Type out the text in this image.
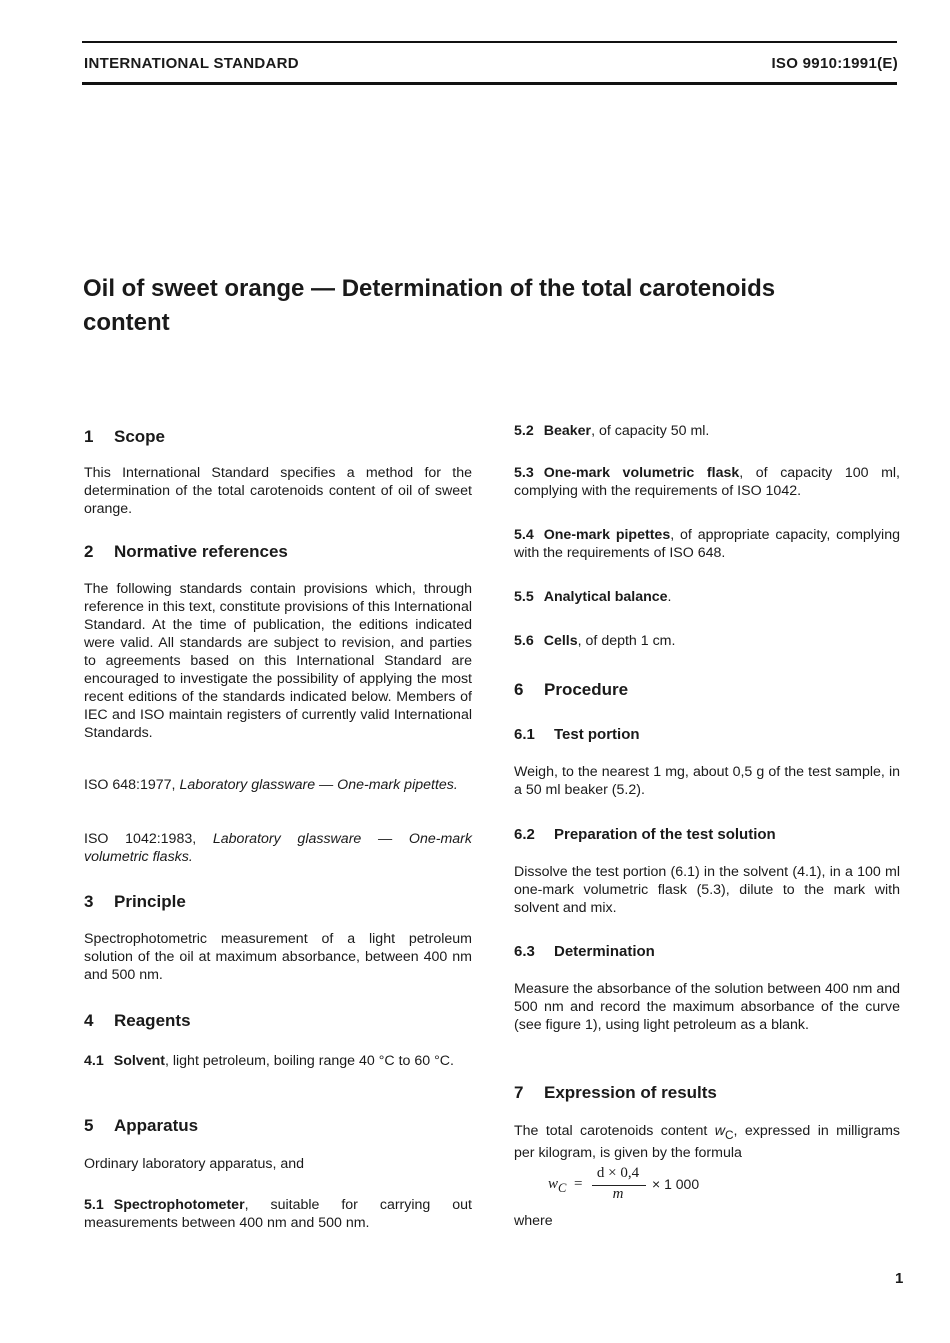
INTERNATIONAL STANDARD	ISO 9910:1991(E)
Oil of sweet orange — Determination of the total carotenoids
content
1 Scope

This International Standard specifies a method for the determination of the total carotenoids content of oil of sweet orange.

2 Normative references

The following standards contain provisions which, through reference in this text, constitute provisions of this International Standard. At the time of publication, the editions indicated were valid. All standards are subject to revision, and parties to agreements based on this International Standard are encouraged to investigate the possibility of applying the most recent editions of the standards indicated below. Members of IEC and ISO maintain registers of currently valid International Standards.

ISO 648:1977, Laboratory glassware — One-mark pipettes.

ISO 1042:1983, Laboratory glassware — One-mark volumetric flasks.

3 Principle

Spectrophotometric measurement of a light petroleum solution of the oil at maximum absorbance, between 400 nm and 500 nm.

4 Reagents

4.1 Solvent, light petroleum, boiling range 40 °C to 60 °C.

5 Apparatus

Ordinary laboratory apparatus, and

5.1 Spectrophotometer, suitable for carrying out measurements between 400 nm and 500 nm.

5.2 Beaker, of capacity 50 ml.

5.3 One-mark volumetric flask, of capacity 100 ml, complying with the requirements of ISO 1042.

5.4 One-mark pipettes, of appropriate capacity, complying with the requirements of ISO 648.

5.5 Analytical balance.

5.6 Cells, of depth 1 cm.

6 Procedure
6.1 Test portion

Weigh, to the nearest 1 mg, about 0,5 g of the test sample, in a 50 ml beaker (5.2).

6.2 Preparation of the test solution

Dissolve the test portion (6.1) in the solvent (4.1), in a 100 ml one-mark volumetric flask (5.3), dilute to the mark with solvent and mix.

6.3 Determination

Measure the absorbance of the solution between 400 nm and 500 nm and record the maximum absorbance of the curve (see figure 1), using light petroleum as a blank.

7 Expression of results

The total carotenoids content $w_C$, expressed in milligrams per kilogram, is given by the formula

$w_C$ =
d × 0,4
m
× 1 000

where

1
